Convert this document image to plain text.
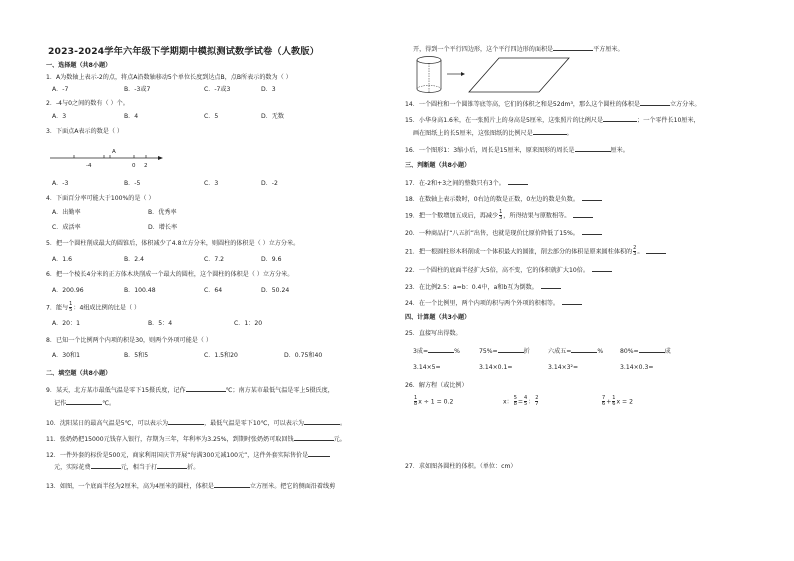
2023-2024学年六年级下学期期中模拟测试数学试卷（人教版）
一、选择题（共8小题）
1．A为数轴上表示-2的点，将点A沿数轴移动5个单位长度到达点B，点B所表示的数为（ ）
A．-7	B．-3或7	C．-7或3	D．3
2．-4与0之间的数有（ ）个。
A．3	B．4	C．5	D．无数
3．下面点A表示的数是（ ）
A
-4	0 2
A．-3	B．-5	C．3	D．-2
4．下面百分率可能大于100%的是（ ）
A．出勤率	B．优秀率
C．成活率	D．增长率
5．把一个圆柱削成最大的圆锥后，体积减少了4.8立方分米，则圆柱的体积是（ ）立方分米。
A．1.6	B．2.4	C．7.2	D．9.6
6．把一个棱长4分米的正方体木块削成一个最大的圆柱，这个圆柱的体积是（ ）立方分米。
A．200.96	B．100.48	C．64	D．50.24
7．能与 $\frac{1}{5}$ ：4组成比例的比是（ ）
A．20：1	B．5：4	C．1：20
8．已知一个比例两个内项的积是30，则两个外项可能是（ ）
A．30和1	B．5和5	C．1.5和20	D．0.75和40
二、填空题（共8小题）
9．某天，北方某市最低气温是零下15摄氏度，记作	℃；南方某市最低气温是零上5摄氏度，
记作	℃。
10．沈阳某日的最高气温是5℃，可以表示为	，最低气温是零下10℃，可以表示为	。
11．张奶奶把15000元钱存入银行，存期为三年，年利率为3.25%，到期时张奶奶可取回钱	元。
12．一件外套的标价是500元，商家利用国庆节开展“每满300元减100元”，这件外套实际售价是
元，实际花费	元，相当于打	折。
13．如图，一个底面半径为2厘米，高为4厘米的圆柱，体积是	立方厘米。把它的侧面沿着线剪
开，得到一个平行四边形，这个平行四边形的面积是	平方厘米。
14．一个圆柱和一个圆锥等底等高，它们的体积之和是52dm³，那么这个圆柱的体积是	立方分米。
15．小华身高1.6米，在一张照片上的身高是5厘米，这张照片的比例尺是	；一个零件长10厘米，
画在图纸上的长5厘米，这张图纸的比例尺是	。
16．一个图形1：3缩小后，周长是15厘米，原来图形的周长是	厘米。
三、判断题（共8小题）
17．在-2和+3之间的整数只有3个。
18．在数轴上表示数时，0右边的数是正数，0左边的数是负数。
19．把一个数增加五成后，再减少 $\frac{1}{3}$ ，所得结果与原数相等。
20．一种商品打“八五折”出售，也就是现价比原价降低了15%。
21．把一根圆柱形木料削成一个体积最大的圆锥，削去部分的体积是原来圆柱体积的 $\frac{2}{3}$ 。
22．一个圆柱的底面半径扩大5倍，高不变，它的体积就扩大10倍。
23．在比例2.5：a=b：0.4中，a和b互为倒数。
24．在一个比例里，两个内项的积与两个外项的积相等。
四、计算题（共3小题）
25．直接写出得数。
3成=	%	75%=	折	六成五=	%	80%=	成
3.14×5=	3.14×0.1=	3.14×3²=	3.14×0.3=
26．解方程（或比例）
$\frac{1}{8}$ x ÷ 1 = 0.2	x： $\frac{5}{8} = \frac{4}{5}$ ： $\frac{2}{7}$	$\frac{7}{6} + \frac{1}{6}$ x = 2
27．求如图各圆柱的体积。（单位：cm）
